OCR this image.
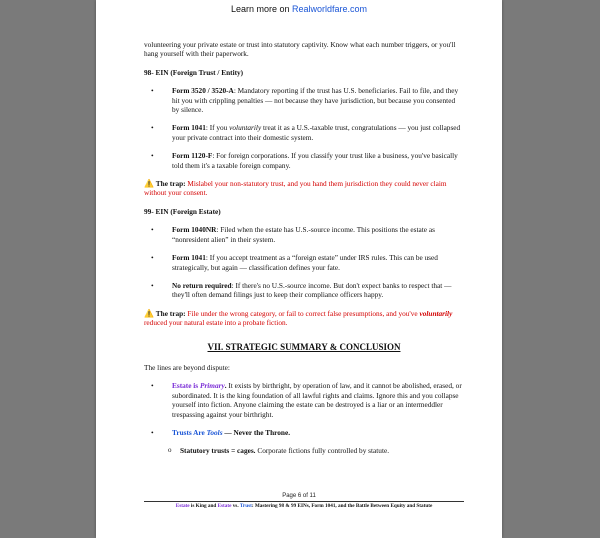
Learn more on Realworldfare.com

volunteering your private estate or trust into statutory captivity. Know what each number triggers, or you'll hang yourself with their paperwork.

98- EIN (Foreign Trust / Entity)

•	Form 3520 / 3520-A: Mandatory reporting if the trust has U.S. beneficiaries. Fail to file, and they hit you with crippling penalties — not because they have jurisdiction, but because you consented by silence.
•	Form 1041: If you voluntarily treat it as a U.S.-taxable trust, congratulations — you just collapsed your private contract into their domestic system.
•	Form 1120-F: For foreign corporations. If you classify your trust like a business, you've basically told them it's a taxable foreign company.

⚠️ The trap: Mislabel your non-statutory trust, and you hand them jurisdiction they could never claim without your consent.

99- EIN (Foreign Estate)

•	Form 1040NR: Filed when the estate has U.S.-source income. This positions the estate as “nonresident alien” in their system.
•	Form 1041: If you accept treatment as a “foreign estate” under IRS rules. This can be used strategically, but again — classification defines your fate.
•	No return required: If there's no U.S.-source income. But don't expect banks to respect that — they'll often demand filings just to keep their compliance officers happy.

⚠️ The trap: File under the wrong category, or fail to correct false presumptions, and you've voluntarily reduced your natural estate into a probate fiction.

VII. STRATEGIC SUMMARY & CONCLUSION

The lines are beyond dispute:

•	Estate is Primary. It exists by birthright, by operation of law, and it cannot be abolished, erased, or subordinated. It is the king foundation of all lawful rights and claims. Ignore this and you collapse yourself into fiction. Anyone claiming the estate can be destroyed is a liar or an intermeddler trespassing against your birthright.
•	Trusts Are Tools — Never the Throne.
o Statutory trusts = cages. Corporate fictions fully controlled by statute.
Page 6 of 11
Estate is King and Estate vs. Trust: Mastering 98 & 99 EINs, Form 1041, and the Battle Between Equity and Statute
